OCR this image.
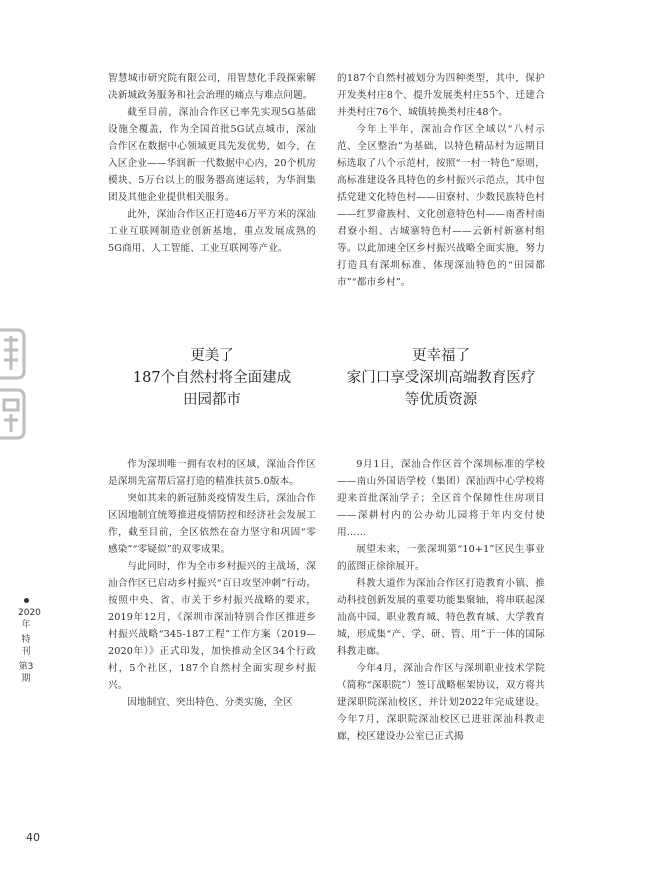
智慧城市研究院有限公司，用智慧化手段探索解决新城政务服务和社会治理的痛点与难点问题。

截至目前，深汕合作区已率先实现5G基础设施全覆盖，作为全国首批5G试点城市，深汕合作区在数据中心领域更具先发优势，如今，在入区企业——华润新一代数据中心内，20个机房模块、5万台以上的服务器高速运转，为华润集团及其他企业提供相关服务。

此外，深汕合作区正打造46万平方米的深汕工业互联网制造业创新基地，重点发展成熟的5G商用、人工智能、工业互联网等产业。

的187个自然村被划分为四种类型，其中，保护开发类村庄8个、提升发展类村庄55个、迁建合并类村庄76个、城镇转换类村庄48个。

今年上半年，深汕合作区全域以“八村示范、全区整治”为基础，以特色精品村为远期目标选取了八个示范村，按照“一村一特色”原则，高标准建设各具特色的乡村振兴示范点，其中包括党建文化特色村——田寮村、少数民族特色村——红罗畲族村、文化创意特色村——南香村南君寮小组、古城寨特色村——云新村新寨村组等。以此加速全区乡村振兴战略全面实施，努力打造具有深圳标准、体现深汕特色的“田园都市”“都市乡村”。

更美了
187个自然村将全面建成
田园都市
更幸福了
家门口享受深圳高端教育医疗
等优质资源

作为深圳唯一拥有农村的区域，深汕合作区是深圳先富帮后富打造的精准扶贫5.0版本。

突如其来的新冠肺炎疫情发生后，深汕合作区因地制宜统筹推进疫情防控和经济社会发展工作，截至目前，全区依然在奋力坚守和巩固“零感染”“零疑似”的双零成果。

与此同时，作为全市乡村振兴的主战场，深汕合作区已启动乡村振兴“百日攻坚冲刺”行动。按照中央、省、市关于乡村振兴战略的要求，2019年12月，《深圳市深汕特别合作区推进乡村振兴战略“345-187工程”工作方案（2019—2020年）》正式印发，加快推动全区34个行政村，5个社区，187个自然村全面实现乡村振兴。

因地制宜、突出特色、分类实施，全区

9月1日，深汕合作区首个深圳标准的学校——南山外国语学校（集团）深汕西中心学校将迎来首批深汕学子；全区首个保障性住房项目——深耕村内的公办幼儿园将于年内交付使用……

展望未来，一张深圳第“10+1”区民生事业的蓝图正徐徐展开。

科教大道作为深汕合作区打造教育小镇、推动科技创新发展的重要功能集聚轴，将串联起深汕高中园、职业教育城、特色教育城、大学教育城，形成集“产、学、研、管、用”于一体的国际科教走廊。

今年4月，深汕合作区与深圳职业技术学院（简称“深职院”）签订战略框架协议，双方将共建深职院深汕校区，并计划2022年完成建设。今年7月，深职院深汕校区已进驻深汕科教走廊，校区建设办公室已正式揭

2020年
特刊
第3期
40
